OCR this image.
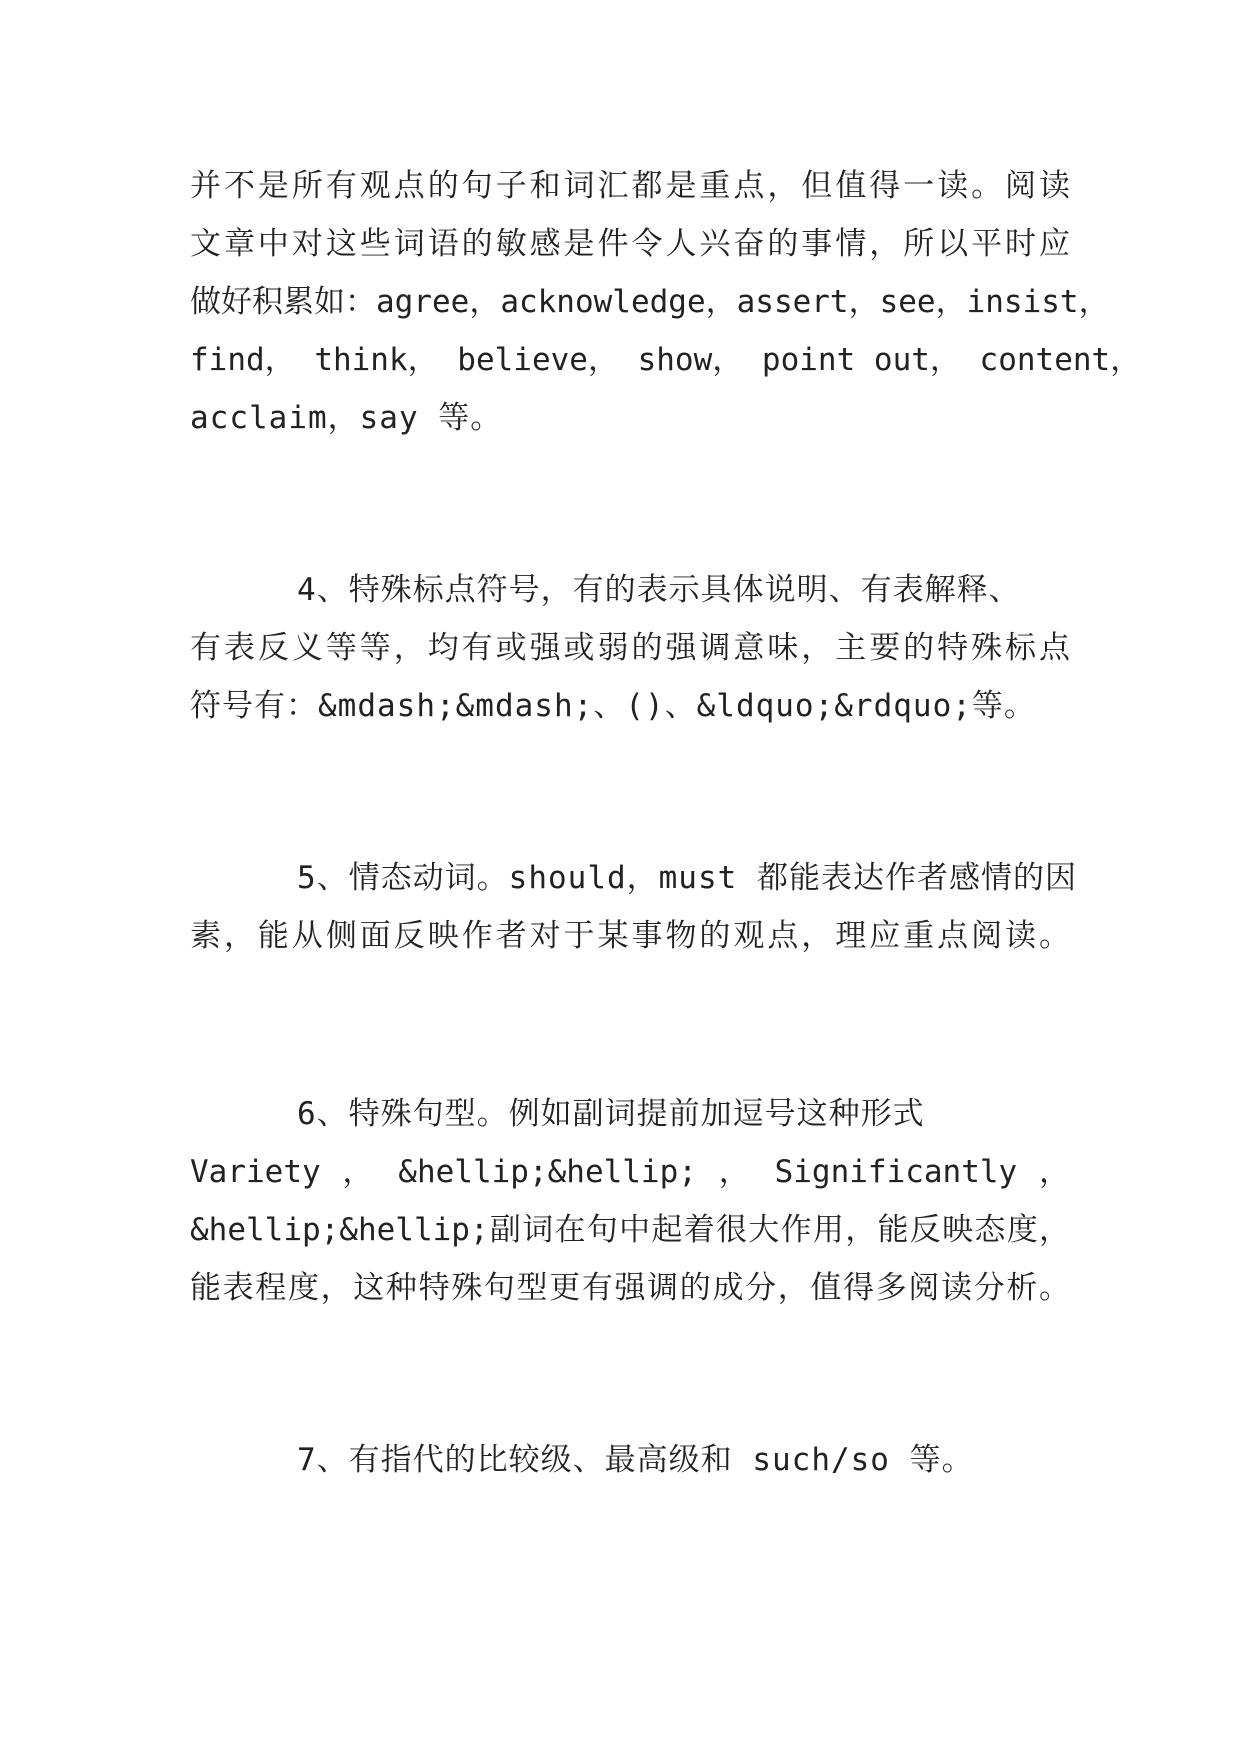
并不是所有观点的句子和词汇都是重点，但值得一读。阅读
文章中对这些词语的敏感是件令人兴奋的事情，所以平时应
做好积累如：agree，acknowledge，assert，see，insist，
find， think， believe， show， point out， content，
acclaim，say 等。
4、特殊标点符号，有的表示具体说明、有表解释、
有表反义等等，均有或强或弱的强调意味，主要的特殊标点
符号有：&mdash;&mdash;、()、&ldquo;&rdquo;等。
5、情态动词。should，must 都能表达作者感情的因
素，能从侧面反映作者对于某事物的观点，理应重点阅读。
6、特殊句型。例如副词提前加逗号这种形式
Variety ， &hellip;&hellip; ， Significantly ，
&hellip;&hellip;副词在句中起着很大作用，能反映态度，
能表程度，这种特殊句型更有强调的成分，值得多阅读分析。
7、有指代的比较级、最高级和 such/so 等。
